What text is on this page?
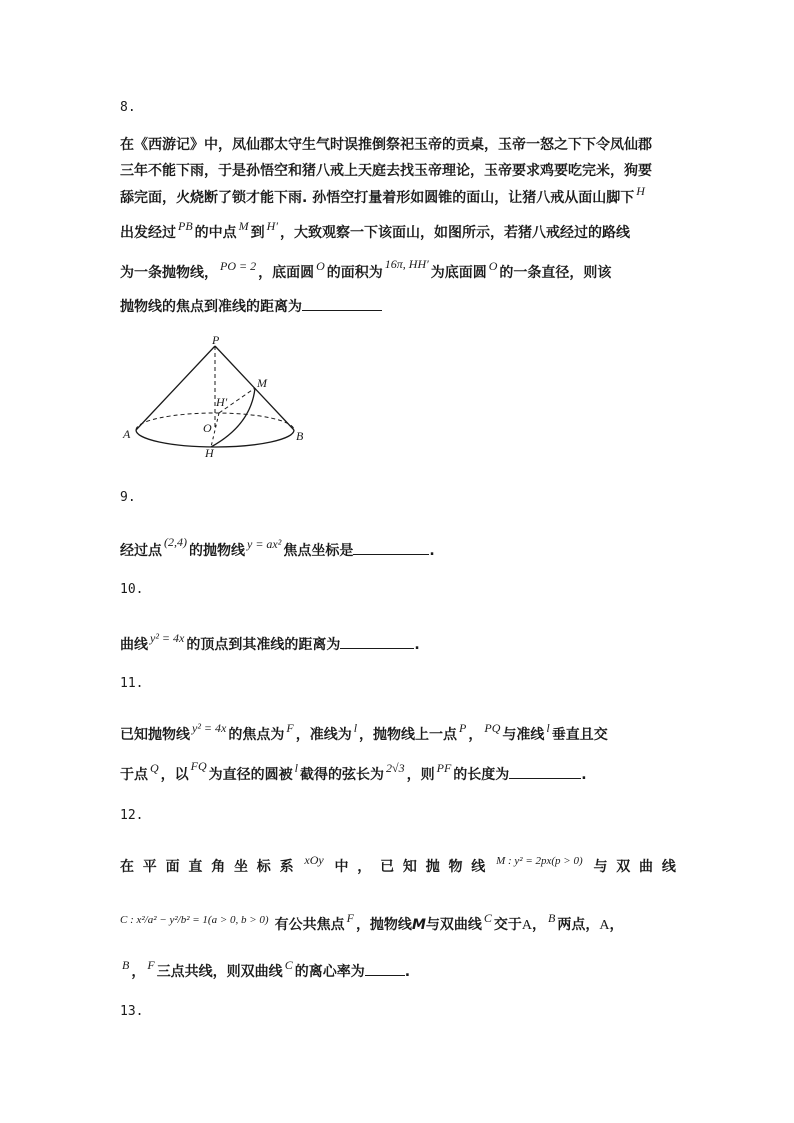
8.
在《西游记》中，凤仙郡太守生气时误推倒祭祀玉帝的贡桌，玉帝一怒之下下令凤仙郡
三年不能下雨，于是孙悟空和猪八戒上天庭去找玉帝理论，玉帝要求鸡要吃完米，狗要
舔完面，火烧断了锁才能下雨. 孙悟空打量着形如圆锥的面山，让猪八戒从面山脚下 H
出发经过 PB 的中点 M 到 H′ ，大致观察一下该面山，如图所示，若猪八戒经过的路线
为一条抛物线， PO = 2 ，底面圆 O 的面积为16π, HH′为底面圆 O 的一条直径，则该
抛物线的焦点到准线的距离为
P
M
H′
O
A	B
H
9.
经过点(2,4)的抛物线 y = ax² 焦点坐标是	.
10.
曲线 y² = 4x 的顶点到其准线的距离为	.
11.
已知抛物线 y² = 4x 的焦点为 F ，准线为 l ，抛物线上一点 P ， PQ 与准线 l 垂直且交
于点 Q ，以FQ为直径的圆被 l 截得的弦长为 2√3 ，则 PF 的长度为	.
12.
在 平 面 直 角 坐 标 系 xOy 中 ， 已 知 抛 物 线 M : y² = 2px(p > 0) 与 双 曲 线
C : x²/a² − y²/b² = 1(a > 0, b > 0) 有公共焦点 F ，抛物线M与双曲线 C 交于A， B 两点，A，
B ， F 三点共线，则双曲线 C 的离心率为	.
13.
